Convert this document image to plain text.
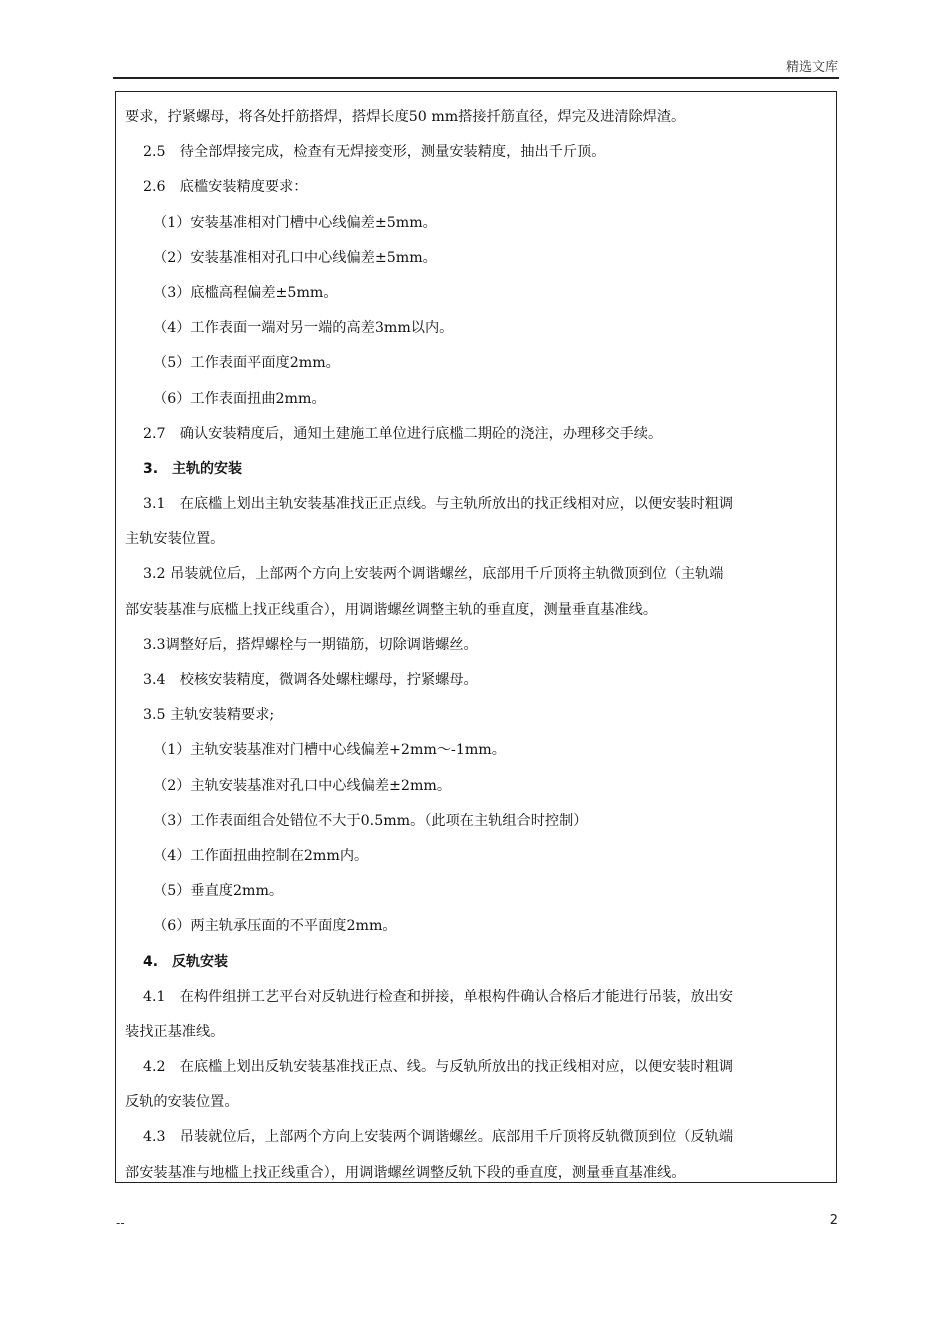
精选文库
要求，拧紧螺母，将各处扦筋搭焊，搭焊长度50 mm搭接扦筋直径，焊完及进清除焊渣。
2.5　待全部焊接完成，检查有无焊接变形，测量安装精度，抽出千斤顶。
2.6　底槛安装精度要求：
（1）安装基准相对门槽中心线偏差±5mm。
（2）安装基准相对孔口中心线偏差±5mm。
（3）底槛高程偏差±5mm。
（4）工作表面一端对另一端的高差3mm以内。
（5）工作表面平面度2mm。
（6）工作表面扭曲2mm。
2.7　确认安装精度后，通知土建施工单位进行底槛二期砼的浇注，办理移交手续。
3.　主轨的安装
3.1　在底槛上划出主轨安装基准找正正点线。与主轨所放出的找正线相对应，以便安装时粗调
主轨安装位置。
3.2 吊装就位后，上部两个方向上安装两个调谐螺丝，底部用千斤顶将主轨微顶到位（主轨端
部安装基准与底槛上找正线重合），用调谐螺丝调整主轨的垂直度，测量垂直基准线。
3.3调整好后，搭焊螺栓与一期锚筋，切除调谐螺丝。
3.4　校核安装精度，微调各处螺柱螺母，拧紧螺母。
3.5 主轨安装精要求;
（1）主轨安装基准对门槽中心线偏差+2mm～-1mm。
（2）主轨安装基准对孔口中心线偏差±2mm。
（3）工作表面组合处错位不大于0.5mm。（此项在主轨组合时控制）
（4）工作面扭曲控制在2mm内。
（5）垂直度2mm。
（6）两主轨承压面的不平面度2mm。
4.　反轨安装
4.1　在构件组拼工艺平台对反轨进行检查和拼接，单根构件确认合格后才能进行吊装，放出安
装找正基准线。
4.2　在底槛上划出反轨安装基准找正点、线。与反轨所放出的找正线相对应，以便安装时粗调
反轨的安装位置。
4.3　吊装就位后，上部两个方向上安装两个调谐螺丝。底部用千斤顶将反轨微顶到位（反轨端
部安装基准与地槛上找正线重合），用调谐螺丝调整反轨下段的垂直度，测量垂直基准线。
--	2
